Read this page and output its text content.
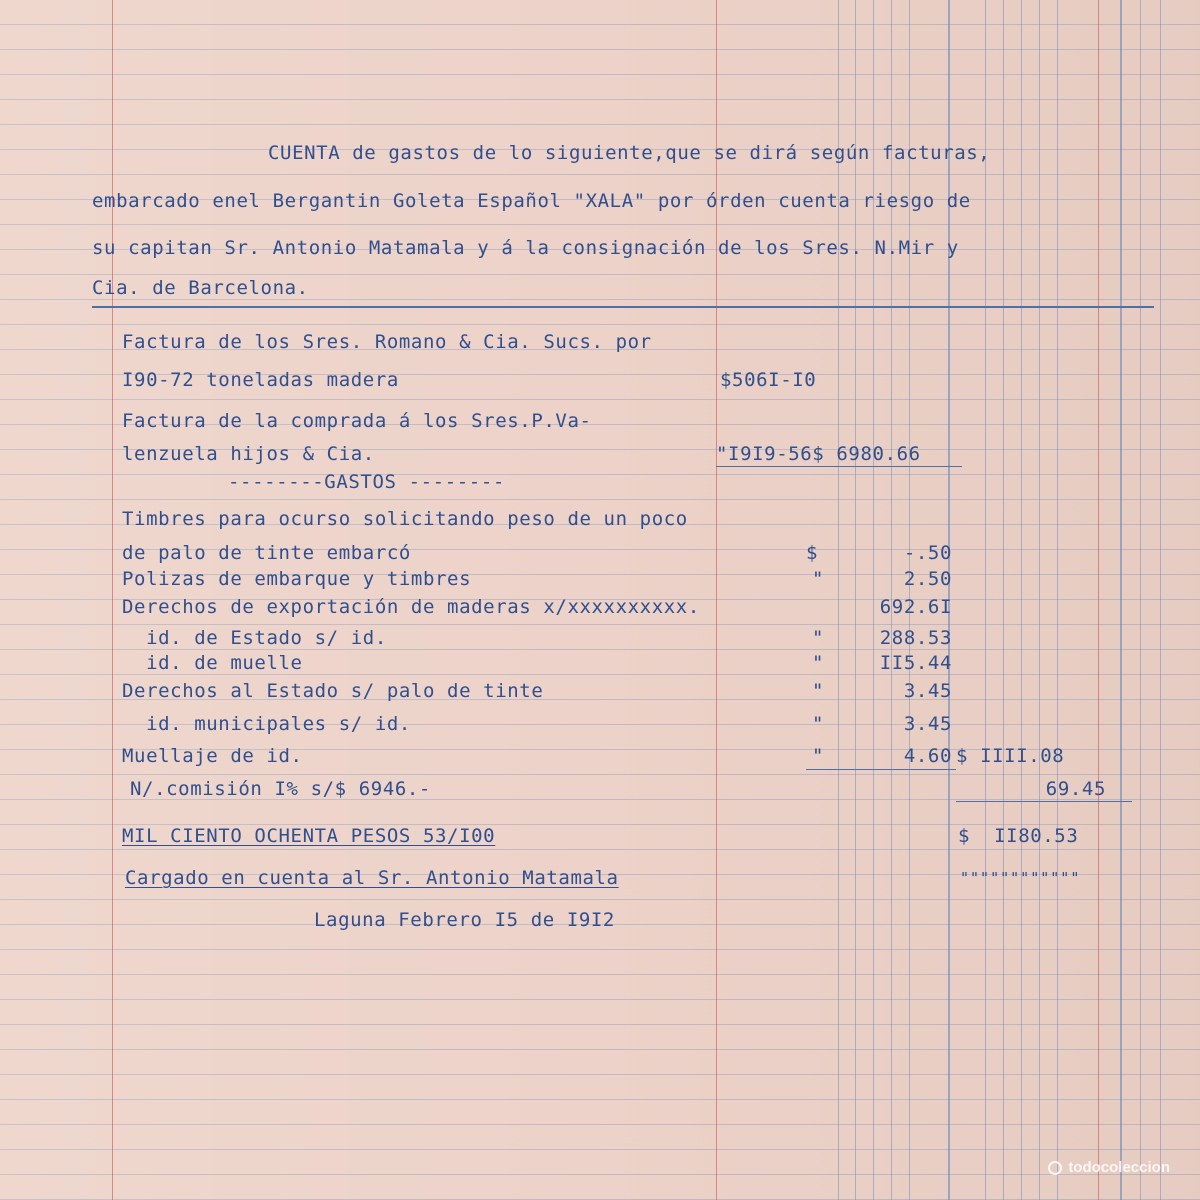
CUENTA de gastos de lo siguiente,que se dirá según facturas,
embarcado enel Bergantin Goleta Español "XALA" por órden cuenta riesgo de
su capitan Sr. Antonio Matamala y á la consignación de los Sres. N.Mir y
Cia. de Barcelona.
Factura de los Sres. Romano & Cia. Sucs. por
I90-72 toneladas madera	$506I-I0
Factura de la comprada á los Sres.P.Va-
lenzuela hijos & Cia.	"I9I9-56$ 6980.66
--------GASTOS --------
Timbres para ocurso solicitando peso de un poco
de palo de tinte embarcó	$	-.50
Polizas de embarque y timbres	"	2.50
Derechos de exportación de maderas x/xxxxxxxxxx.	692.6I
id. de Estado s/ id.	"	288.53
id. de muelle	"	II5.44
Derechos al Estado s/ palo de tinte	"	3.45
id. municipales s/ id.	"	3.45
Muellaje de id.	"	4.60 $ IIII.08
N/.comisión I% s/$ 6946.-	69.45
MIL CIENTO OCHENTA PESOS 53/I00	$  II80.53
Cargado en cuenta al Sr. Antonio Matamala	""""""""""""
Laguna Febrero I5 de I9I2
todocoleccion
